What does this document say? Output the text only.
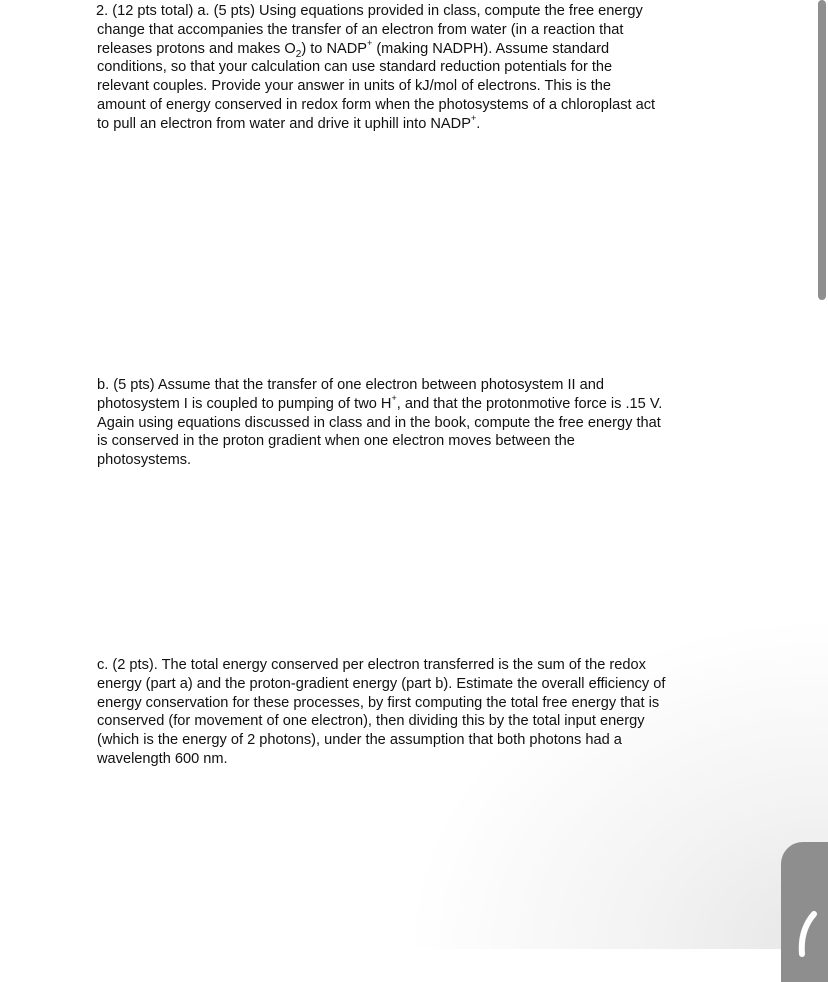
2. (12 pts total) a. (5 pts) Using equations provided in class, compute the free energy
change that accompanies the transfer of an electron from water (in a reaction that
releases protons and makes $O_2$) to NADP+ (making NADPH). Assume standard
conditions, so that your calculation can use standard reduction potentials for the
relevant couples. Provide your answer in units of kJ/mol of electrons. This is the
amount of energy conserved in redox form when the photosystems of a chloroplast act
to pull an electron from water and drive it uphill into NADP+.
b. (5 pts) Assume that the transfer of one electron between photosystem II and
photosystem I is coupled to pumping of two H+, and that the protonmotive force is .15 V.
Again using equations discussed in class and in the book, compute the free energy that
is conserved in the proton gradient when one electron moves between the
photosystems.
c. (2 pts). The total energy conserved per electron transferred is the sum of the redox
energy (part a) and the proton-gradient energy (part b). Estimate the overall efficiency of
energy conservation for these processes, by first computing the total free energy that is
conserved (for movement of one electron), then dividing this by the total input energy
(which is the energy of 2 photons), under the assumption that both photons had a
wavelength 600 nm.
